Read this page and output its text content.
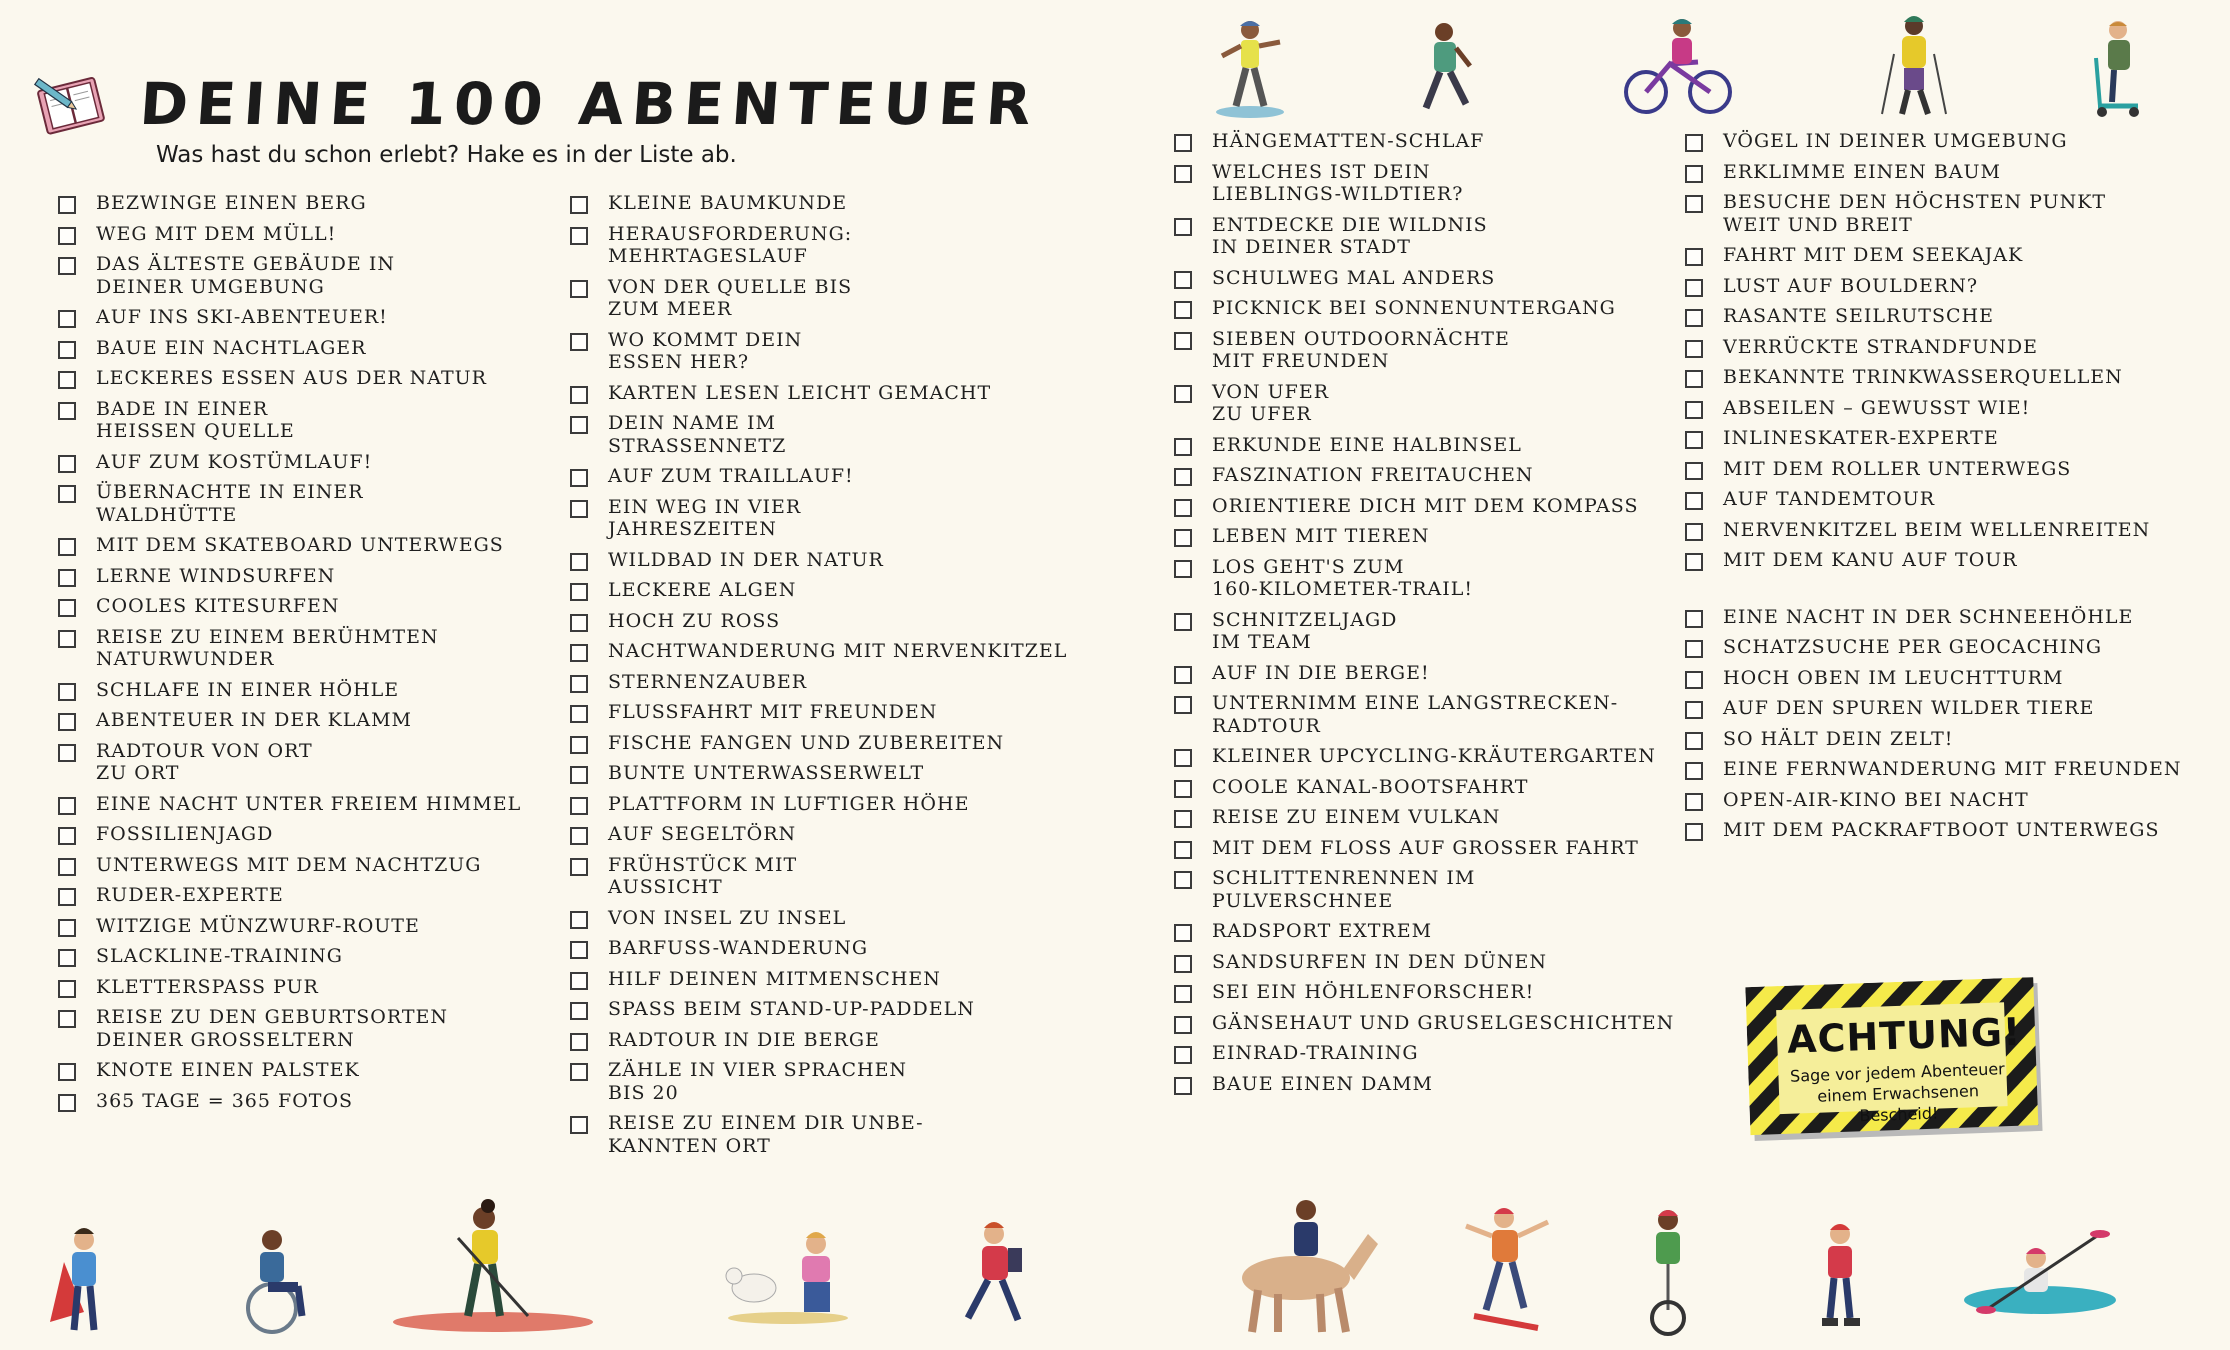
DEINE 100 ABENTEUER
Was hast du schon erlebt? Hake es in der Liste ab.
BEZWINGE EINEN BERG
WEG MIT DEM MÜLL!
DAS ÄLTESTE GEBÄUDE IN
DEINER UMGEBUNG
AUF INS SKI-ABENTEUER!
BAUE EIN NACHTLAGER
LECKERES ESSEN AUS DER NATUR
BADE IN EINER
HEISSEN QUELLE
AUF ZUM KOSTÜMLAUF!
ÜBERNACHTE IN EINER
WALDHÜTTE
MIT DEM SKATEBOARD UNTERWEGS
LERNE WINDSURFEN
COOLES KITESURFEN
REISE ZU EINEM BERÜHMTEN
NATURWUNDER
SCHLAFE IN EINER HÖHLE
ABENTEUER IN DER KLAMM
RADTOUR VON ORT
ZU ORT
EINE NACHT UNTER FREIEM HIMMEL
FOSSILIENJAGD
UNTERWEGS MIT DEM NACHTZUG
RUDER-EXPERTE
WITZIGE MÜNZWURF-ROUTE
SLACKLINE-TRAINING
KLETTERSPASS PUR
REISE ZU DEN GEBURTSORTEN
DEINER GROSSELTERN
KNOTE EINEN PALSTEK
365 TAGE = 365 FOTOS
KLEINE BAUMKUNDE
HERAUSFORDERUNG:
MEHRTAGESLAUF
VON DER QUELLE BIS
ZUM MEER
WO KOMMT DEIN
ESSEN HER?
KARTEN LESEN LEICHT GEMACHT
DEIN NAME IM
STRASSENNETZ
AUF ZUM TRAILLAUF!
EIN WEG IN VIER
JAHRESZEITEN
WILDBAD IN DER NATUR
LECKERE ALGEN
HOCH ZU ROSS
NACHTWANDERUNG MIT NERVENKITZEL
STERNENZAUBER
FLUSSFAHRT MIT FREUNDEN
FISCHE FANGEN UND ZUBEREITEN
BUNTE UNTERWASSERWELT
PLATTFORM IN LUFTIGER HÖHE
AUF SEGELTÖRN
FRÜHSTÜCK MIT
AUSSICHT
VON INSEL ZU INSEL
BARFUSS-WANDERUNG
HILF DEINEN MITMENSCHEN
SPASS BEIM STAND-UP-PADDELN
RADTOUR IN DIE BERGE
ZÄHLE IN VIER SPRACHEN
BIS 20
REISE ZU EINEM DIR UNBE-
KANNTEN ORT
HÄNGEMATTEN-SCHLAF
WELCHES IST DEIN
LIEBLINGS-WILDTIER?
ENTDECKE DIE WILDNIS
IN DEINER STADT
SCHULWEG MAL ANDERS
PICKNICK BEI SONNENUNTERGANG
SIEBEN OUTDOORNÄCHTE
MIT FREUNDEN
VON UFER
ZU UFER
ERKUNDE EINE HALBINSEL
FASZINATION FREITAUCHEN
ORIENTIERE DICH MIT DEM KOMPASS
LEBEN MIT TIEREN
LOS GEHT'S ZUM
160-KILOMETER-TRAIL!
SCHNITZELJAGD
IM TEAM
AUF IN DIE BERGE!
UNTERNIMM EINE LANGSTRECKEN-
RADTOUR
KLEINER UPCYCLING-KRÄUTERGARTEN
COOLE KANAL-BOOTSFAHRT
REISE ZU EINEM VULKAN
MIT DEM FLOSS AUF GROSSER FAHRT
SCHLITTENRENNEN IM
PULVERSCHNEE
RADSPORT EXTREM
SANDSURFEN IN DEN DÜNEN
SEI EIN HÖHLENFORSCHER!
GÄNSEHAUT UND GRUSELGESCHICHTEN
EINRAD-TRAINING
BAUE EINEN DAMM
VÖGEL IN DEINER UMGEBUNG
ERKLIMME EINEN BAUM
BESUCHE DEN HÖCHSTEN PUNKT
WEIT UND BREIT
FAHRT MIT DEM SEEKAJAK
LUST AUF BOULDERN?
RASANTE SEILRUTSCHE
VERRÜCKTE STRANDFUNDE
BEKANNTE TRINKWASSERQUELLEN
ABSEILEN – GEWUSST WIE!
INLINESKATER-EXPERTE
MIT DEM ROLLER UNTERWEGS
AUF TANDEMTOUR
NERVENKITZEL BEIM WELLENREITEN
MIT DEM KANU AUF TOUR
EINE NACHT IN DER SCHNEEHÖHLE
SCHATZSUCHE PER GEOCACHING
HOCH OBEN IM LEUCHTTURM
AUF DEN SPUREN WILDER TIERE
SO HÄLT DEIN ZELT!
EINE FERNWANDERUNG MIT FREUNDEN
OPEN-AIR-KINO BEI NACHT
MIT DEM PACKRAFTBOOT UNTERWEGS
ACHTUNG!
Sage vor jedem Abenteuer einem Erwachsenen Bescheid!
